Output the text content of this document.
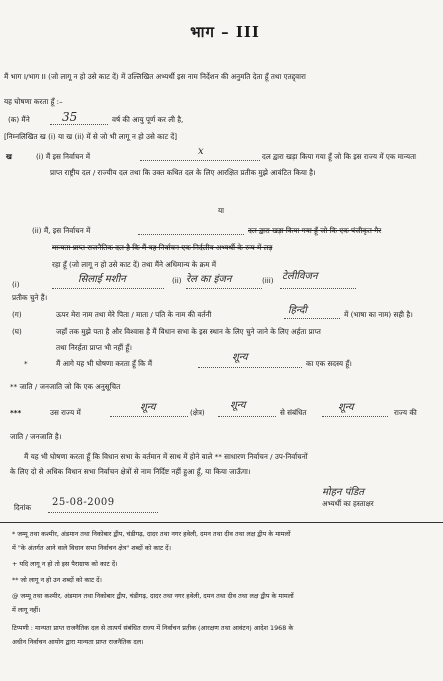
भाग – III
मैं भाग I/भाग II (जो लागू न हो उसे काट दें) में उल्लिखित अभ्यर्थी इस नाम निर्देशन की अनुमति देता हूँ तथा एतद्द्वारा
यह घोषणा करता हूँ :–
(क) मैंने	35	वर्ष की आयु पूर्ण कर ली है,
[निम्नलिखित ख (i) या ख (ii) में से जो भी लागू न हो उसे काट दें]
ख	(i) मैं इस निर्वाचन में	x	दल द्वारा खड़ा किया गया हूँ जो कि इस राज्य में एक मान्यता
प्राप्त राष्ट्रीय दल / राज्यीय दल तथा कि उक्त कथित दल के लिए आरक्षित प्रतीक मुझे आवंटित किया है।
या
(ii) मैं, इस निर्वाचन में	दल द्वारा खड़ा किया गया हूँ जो कि एक पंजीकृत गैर
मान्यता प्राप्त राजनैतिक दल है कि मैं यह निर्वाचन एक निर्दलीय अभ्यर्थी के रूप में लड़
रहा हूँ (जो लागू न हो उसे काट दें) तथा मैंने अधिमान्य के क्रम में
(i)	सिलाई मशीन	(ii) रेल का इंजन	(iii) टेलीविजन
प्रतीक चुने हैं।
(ग)	ऊपर मेरा नाम तथा मेरे पिता / माता / पति के नाम की वर्तनी	हिन्दी	में (भाषा का नाम) सही है।
(घ)	जहाँ तक मुझे पता है और विश्वास है मैं विधान सभा के इस स्थान के लिए चुने जाने के लिए अर्हता प्राप्त
तथा निरर्हता प्राप्त भी नहीं हूँ।
*	मैं आगे यह भी घोषणा करता हूँ कि मैं
शून्य
का एक सदस्य हूँ।
** जाति / जनजाति जो कि एक अनुसूचित
***	उस राज्य में	शून्य	(क्षेत्र)
शून्य
से संबंधित	शून्य	राज्य की
जाति / जनजाति है।
मैं यह भी घोषणा करता हूँ कि विधान सभा के वर्तमान में साथ में होने वाले ** साधारण निर्वाचन / उप-निर्वाचनों
के लिए दो से अधिक विधान सभा निर्वाचन क्षेत्रों से नाम निर्दिष्ट नहीं हुआ हूँ, या किया जाऊँगा।
मोहन पंडित
अभ्यर्थी का हस्ताक्षर
दिनांक 25-08-2009
* जम्मू तथा कश्मीर, अंडमान तथा निकोबार द्वीप, चंडीगढ़, दादर तथा नगर हवेली, दमन तथा दीव तथा लक्ष द्वीप के मामलों
में "के अंतर्गत आने वाले विधान सभा निर्वाचन क्षेत्र" शब्दों को काट दें।
+ यदि लागू न हो तो इस पैराग्राफ को काट दें।
** जो लागू न हो उन शब्दों को काट दें।
@ जम्मू तथा कश्मीर, अंडमान तथा निकोबार द्वीप, चंडीगढ़, दादर तथा नगर हवेली, दमन तथा दीव तथा लक्ष द्वीप के मामलों
में लागू नहीं।
टिप्पणी : मान्यता प्राप्त राजनैतिक दल से तात्पर्य संबंधित राज्य में निर्वाचन प्रतीक (आरक्षण तथा आवंटन) आदेश 1968 के
अधीन निर्वाचन आयोग द्वारा मान्यता प्राप्त राजनैतिक दल।
